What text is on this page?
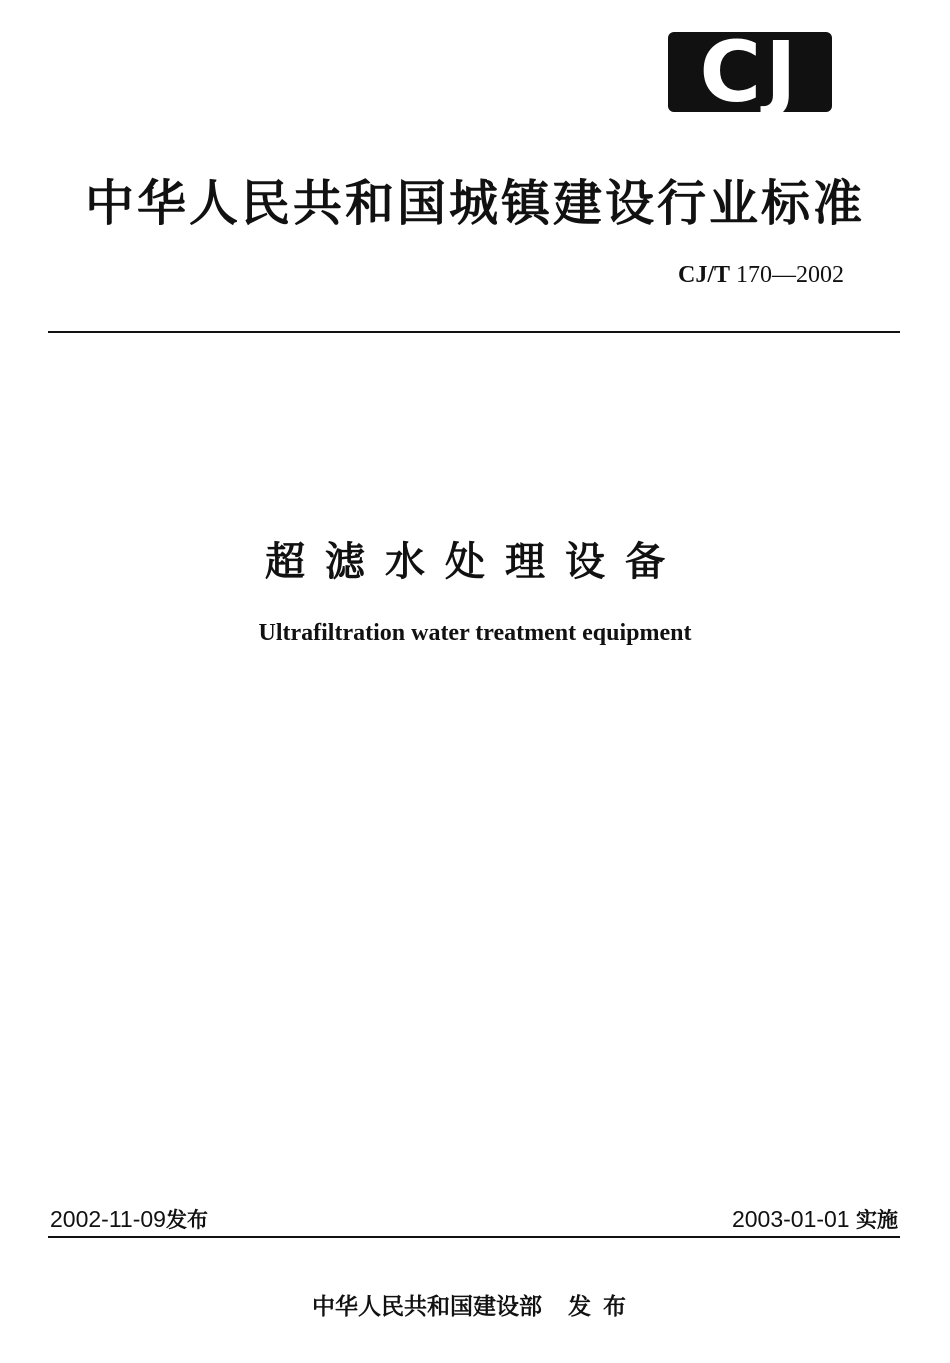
CJ
中华人民共和国城镇建设行业标准
CJ/T 170—2002
超滤水处理设备
Ultrafiltration water treatment equipment
2002-11-09发布	2003-01-01 实施
中华人民共和国建设部 发布
